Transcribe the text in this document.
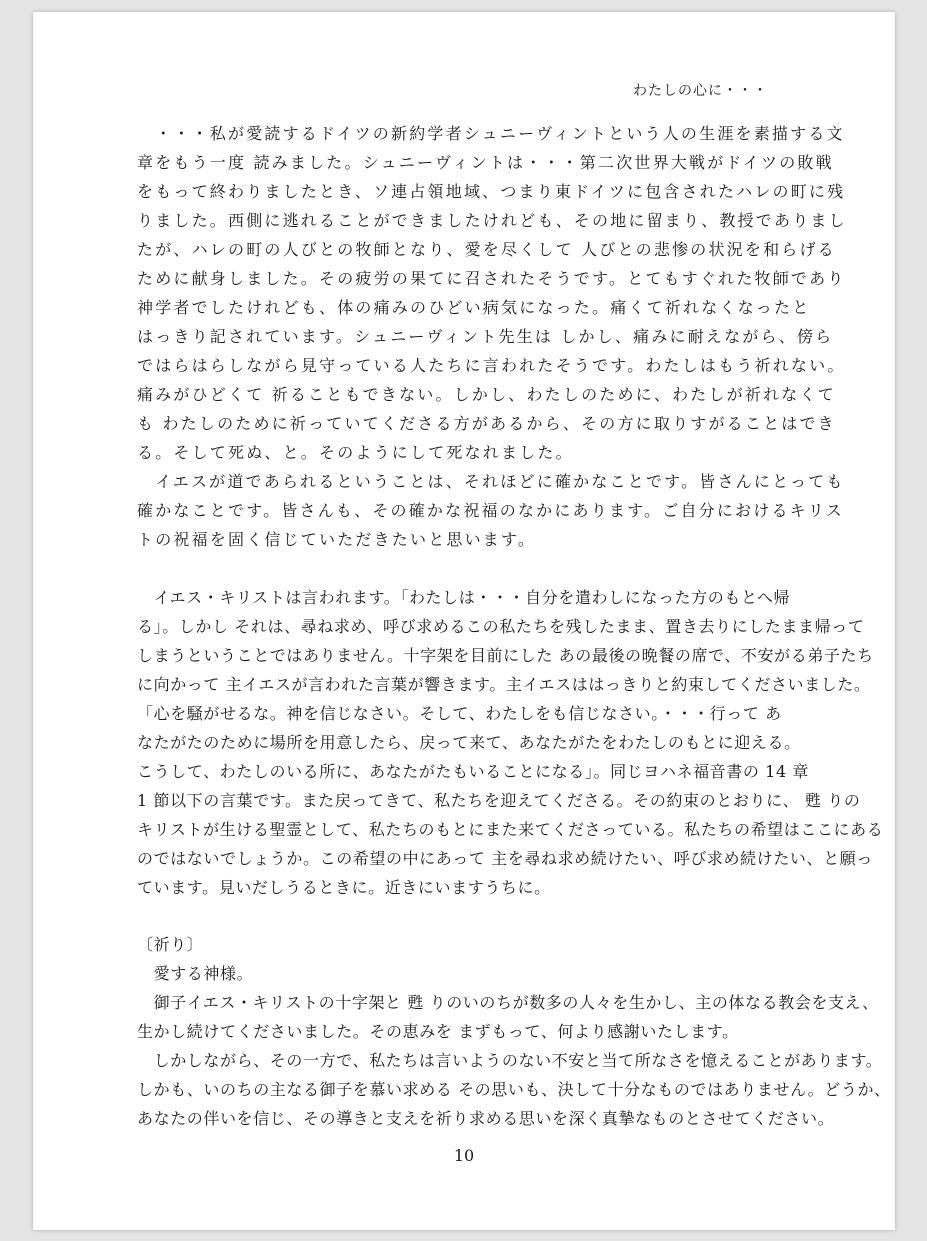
わたしの心に・・・
　・・・私が愛読するドイツの新約学者シュニーヴィントという人の生涯を素描する文
章をもう一度 読みました。シュニーヴィントは・・・第二次世界大戦がドイツの敗戦
をもって終わりましたとき、ソ連占領地域、つまり東ドイツに包含されたハレの町に残
りました。西側に逃れることができましたけれども、その地に留まり、教授でありまし
たが、ハレの町の人びとの牧師となり、愛を尽くして 人びとの悲惨の状況を和らげる
ために献身しました。その疲労の果てに召されたそうです。とてもすぐれた牧師であり
神学者でしたけれども、体の痛みのひどい病気になった。痛くて祈れなくなったと
はっきり記されています。シュニーヴィント先生は しかし、痛みに耐えながら、傍ら
ではらはらしながら見守っている人たちに言われたそうです。わたしはもう祈れない。
痛みがひどくて 祈ることもできない。しかし、わたしのために、わたしが祈れなくて
も わたしのために祈っていてくださる方があるから、その方に取りすがることはでき
る。そして死ぬ、と。そのようにして死なれました。
　イエスが道であられるということは、それほどに確かなことです。皆さんにとっても
確かなことです。皆さんも、その確かな祝福のなかにあります。ご自分におけるキリス
トの祝福を固く信じていただきたいと思います。
　イエス・キリストは言われます。「わたしは・・・自分を遣わしになった方のもとへ帰
る」。しかし それは、尋ね求め、呼び求めるこの私たちを残したまま、置き去りにしたまま帰って
しまうということではありません。十字架を目前にした あの最後の晩餐の席で、不安がる弟子たち
に向かって 主イエスが言われた言葉が響きます。主イエスははっきりと約束してくださいました。
「心を騒がせるな。神を信じなさい。そして、わたしをも信じなさい。・・・行って あ
なたがたのために場所を用意したら、戻って来て、あなたがたをわたしのもとに迎える。
こうして、わたしのいる所に、あなたがたもいることになる」。同じヨハネ福音書の 14 章
1 節以下の言葉です。また戻ってきて、私たちを迎えてくださる。その約束のとおりに、 甦 りの
キリストが生ける聖霊として、私たちのもとにまた来てくださっている。私たちの希望はここにある
のではないでしょうか。この希望の中にあって 主を尋ね求め続けたい、呼び求め続けたい、と願っ
ています。見いだしうるときに。近きにいますうちに。
〔祈り〕
　愛する神様。
　御子イエス・キリストの十字架と 甦 りのいのちが数多の人々を生かし、主の体なる教会を支え、
生かし続けてくださいました。その恵みを まずもって、何より感謝いたします。
　しかしながら、その一方で、私たちは言いようのない不安と当て所なさを憶えることがあります。
しかも、いのちの主なる御子を慕い求める その思いも、決して十分なものではありません。どうか、
あなたの伴いを信じ、その導きと支えを祈り求める思いを深く真摯なものとさせてください。
10
